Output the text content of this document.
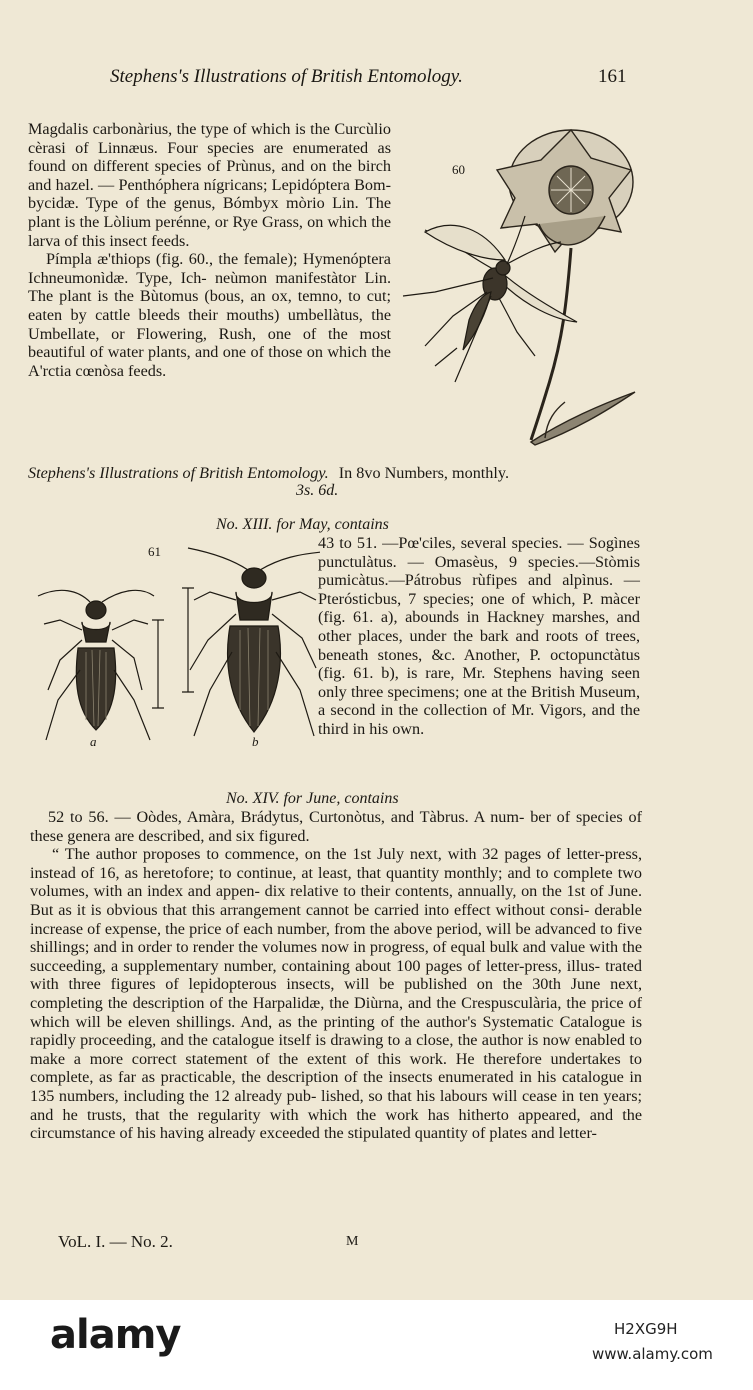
Stephens's Illustrations of British Entomology.	161

Magdalis carbonàrius, the type of which is the Curcùlio cèrasi of Linnæus. Four species are enumerated as found on different species of Prùnus, and on the birch and hazel. — Penthóphera nígricans; Lepidóptera Bom- bycidæ. Type of the genus, Bómbyx mòrio Lin. The plant is the Lòlium perénne, or Rye Grass, on which the larva of this insect feeds.

Pímpla æ'thiops (fig. 60., the female); Hymenóptera Ichneumonìdæ. Type, Ich- neùmon manifestàtor Lin. The plant is the Bùtomus (bous, an ox, temno, to cut; eaten by cattle bleeds their mouths) umbellàtus, the Umbellate, or Flowering, Rush, one of the most beautiful of water plants, and one of those on which the A'rctia cœnòsa feeds.

60
Stephens's Illustrations of British Entomology. In 8vo Numbers, monthly.
3s. 6d.
No. XIII. for May, contains
61
a	b

43 to 51. —Pœ'ciles, several species. — Sogìnes punctulàtus. — Omasèus, 9 species.—Stòmis pumicàtus.—Pátrobus rùfipes and alpìnus. — Pterósticbus, 7 species; one of which, P. màcer (fig. 61. a), abounds in Hackney marshes, and other places, under the bark and roots of trees, beneath stones, &c. Another, P. octopunctàtus (fig. 61. b), is rare, Mr. Stephens having seen only three specimens; one at the British Museum, a second in the collection of Mr. Vigors, and the third in his own.

No. XIV. for June, contains

52 to 56. — Oòdes, Amàra, Brádytus, Curtonòtus, and Tàbrus. A num- ber of species of these genera are described, and six figured.

“ The author proposes to commence, on the 1st July next, with 32 pages of letter-press, instead of 16, as heretofore; to continue, at least, that quantity monthly; and to complete two volumes, with an index and appen- dix relative to their contents, annually, on the 1st of June. But as it is obvious that this arrangement cannot be carried into effect without consi- derable increase of expense, the price of each number, from the above period, will be advanced to five shillings; and in order to render the volumes now in progress, of equal bulk and value with the succeeding, a supplementary number, containing about 100 pages of letter-press, illus- trated with three figures of lepidopterous insects, will be published on the 30th June next, completing the description of the Harpalidæ, the Diùrna, and the Crespusculària, the price of which will be eleven shillings. And, as the printing of the author's Systematic Catalogue is rapidly proceeding, and the catalogue itself is drawing to a close, the author is now enabled to make a more correct statement of the extent of this work. He therefore undertakes to complete, as far as practicable, the description of the insects enumerated in his catalogue in 135 numbers, including the 12 already pub- lished, so that his labours will cease in ten years; and he trusts, that the regularity with which the work has hitherto appeared, and the circumstance of his having already exceeded the stipulated quantity of plates and letter-

VoL. I. — No. 2.	M
alamy	H2XG9H
www.alamy.com
